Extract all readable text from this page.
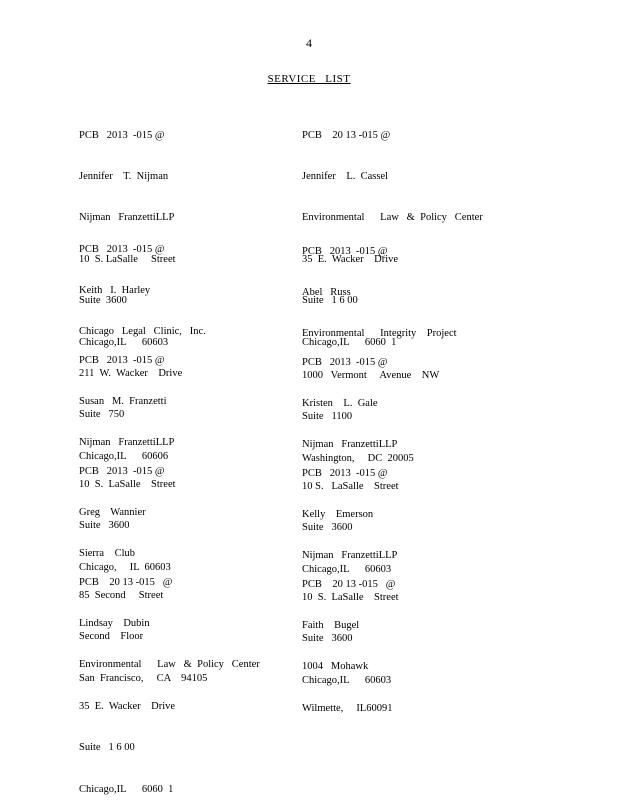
4
SERVICE LIST

PCB   2013  -015 @

Jennifer    T.  Nijman

Nijman   FranzettiLLP

10  S. LaSalle     Street

Suite  3600

Chicago,IL      60603

PCB   2013  -015 @

Keith   I.  Harley

Chicago   Legal   Clinic,   Inc.

211  W.  Wacker    Drive

Suite   750

Chicago,IL      60606

PCB   2013  -015 @

Susan   M.  Franzetti

Nijman   FranzettiLLP

10  S.  LaSalle    Street

Suite   3600

Chicago,     IL  60603

PCB   2013  -015 @

Greg    Wannier

Sierra    Club

85  Second     Street

Second    Floor

San  Francisco,     CA    94105

PCB    20 13 -015   @

Lindsay    Dubin

Environmental      Law   &  Policy   Center

35  E.  Wacker    Drive

Suite   1 6 00

Chicago,IL      6060  1

PCB    20 13 -015 @

Jennifer    L.  Cassel

Environmental      Law   &  Policy   Center

35  E.  Wacker    Drive

Suite   1 6 00

Chicago,IL      6060  1

PCB   2013  -015 @

Abel   Russ

Environmental      Integrity    Project

1000   Vermont     Avenue    NW

Suite   1100

Washington,     DC  20005

PCB   2013  -015 @

Kristen    L.  Gale

Nijman   FranzettiLLP

10 S.   LaSalle    Street

Suite   3600

Chicago,IL      60603

PCB   2013  -015 @

Kelly    Emerson

Nijman   FranzettiLLP

10  S.  LaSalle    Street

Suite   3600

Chicago,IL      60603

PCB    20 13 -015   @

Faith    Bugel

1004   Mohawk

Wilmette,     IL60091
